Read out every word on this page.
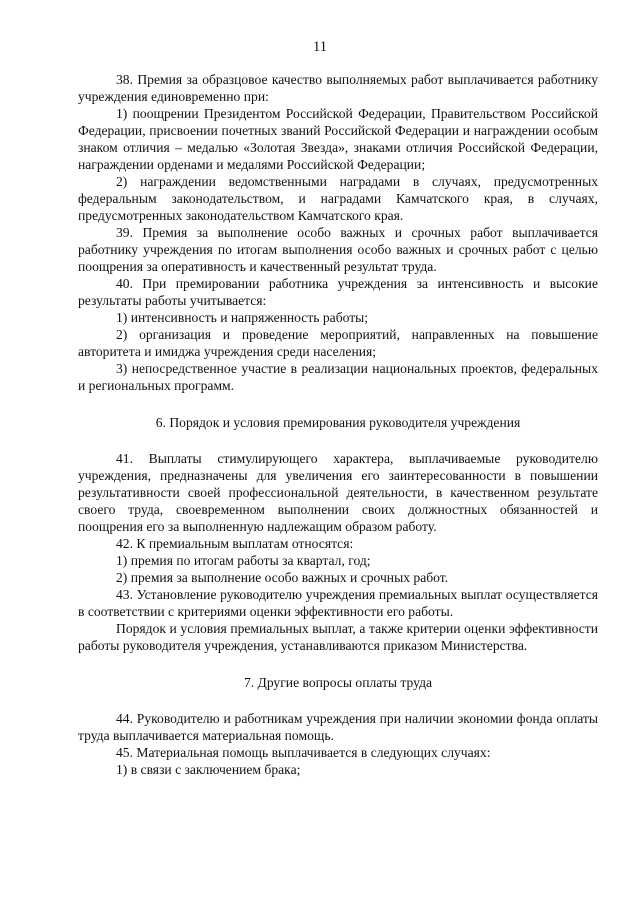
11

38. Премия за образцовое качество выполняемых работ выплачивается работнику учреждения единовременно при:

1) поощрении Президентом Российской Федерации, Правительством Российской Федерации, присвоении почетных званий Российской Федерации и награждении особым знаком отличия – медалью «Золотая Звезда», знаками отличия Российской Федерации, награждении орденами и медалями Российской Федерации;

2) награждении ведомственными наградами в случаях, предусмотренных федеральным законодательством, и наградами Камчатского края, в случаях, предусмотренных законодательством Камчатского края.

39. Премия за выполнение особо важных и срочных работ выплачивается работнику учреждения по итогам выполнения особо важных и срочных работ с целью поощрения за оперативность и качественный результат труда.

40. При премировании работника учреждения за интенсивность и высокие результаты работы учитывается:

1) интенсивность и напряженность работы;

2) организация и проведение мероприятий, направленных на повышение авторитета и имиджа учреждения среди населения;

3) непосредственное участие в реализации национальных проектов, федеральных и региональных программ.

6. Порядок и условия премирования руководителя учреждения

41. Выплаты стимулирующего характера, выплачиваемые руководителю учреждения, предназначены для увеличения его заинтересованности в повышении результативности своей профессиональной деятельности, в качественном результате своего труда, своевременном выполнении своих должностных обязанностей и поощрения его за выполненную надлежащим образом работу.

42. К премиальным выплатам относятся:

1) премия по итогам работы за квартал, год;

2) премия за выполнение особо важных и срочных работ.

43. Установление руководителю учреждения премиальных выплат осуществляется в соответствии с критериями оценки эффективности его работы.

Порядок и условия премиальных выплат, а также критерии оценки эффективности работы руководителя учреждения, устанавливаются приказом Министерства.

7. Другие вопросы оплаты труда

44. Руководителю и работникам учреждения при наличии экономии фонда оплаты труда выплачивается материальная помощь.

45. Материальная помощь выплачивается в следующих случаях:

1) в связи с заключением брака;
